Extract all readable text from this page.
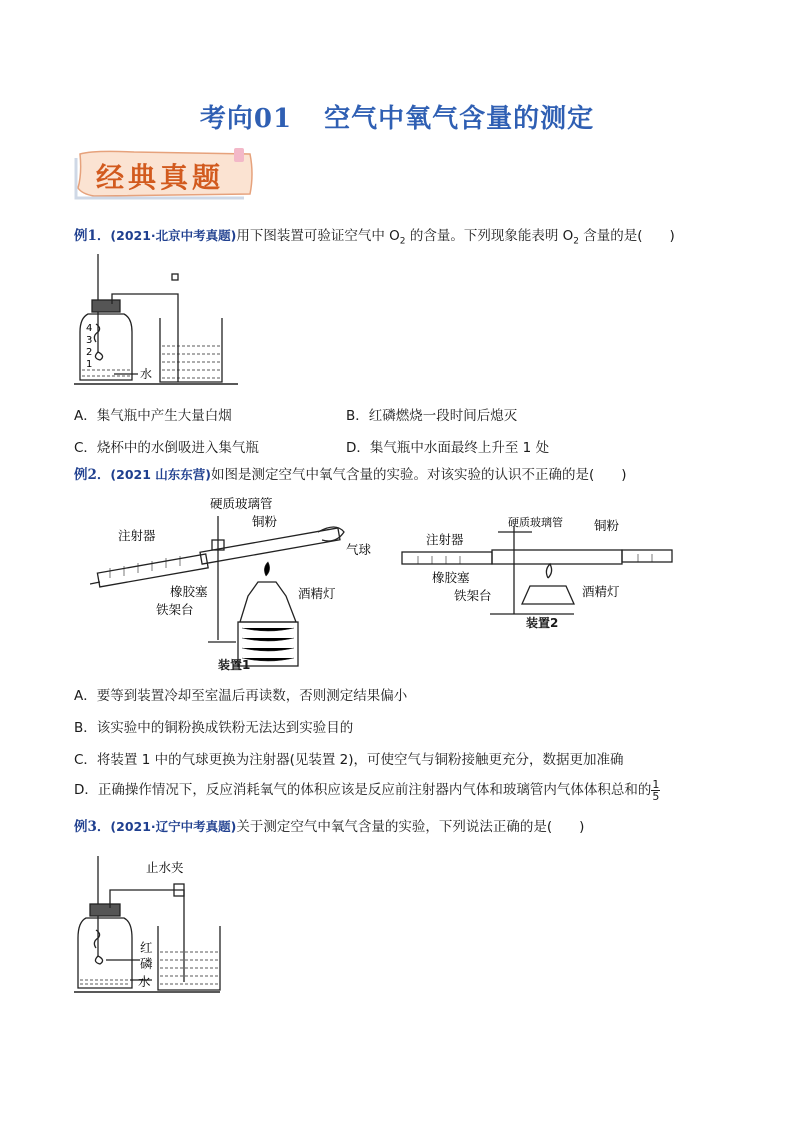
考向01 空气中氧气含量的测定
经典真题
例1．(2021·北京中考真题)用下图装置可验证空气中 $O_2$ 的含量。下列现象能表明 $O_2$ 含量的是(　　)
4
3
2
1
水
A．集气瓶中产生大量白烟	B．红磷燃烧一段时间后熄灭
C．烧杯中的水倒吸进入集气瓶	D．集气瓶中水面最终上升至 1 处
例2．(2021 山东东营)如图是测定空气中氧气含量的实验。对该实验的认识不正确的是(　　)
注射器
硬质玻璃管
铜粉
气球
橡胶塞	酒精灯
铁架台
装置1
注射器
硬质玻璃管 铜粉
橡胶塞
铁架台	酒精灯
装置2
A．要等到装置冷却至室温后再读数，否则测定结果偏小
B．该实验中的铜粉换成铁粉无法达到实验目的
C．将装置 1 中的气球更换为注射器(见装置 2)，可使空气与铜粉接触更充分，数据更加准确
D．正确操作情况下，反应消耗氧气的体积应该是反应前注射器内气体和玻璃管内气体体积总和的 $\frac{1}{5}$
例3．(2021·辽宁中考真题)关于测定空气中氧气含量的实验，下列说法正确的是(　　)
止水夹
红
磷
水
